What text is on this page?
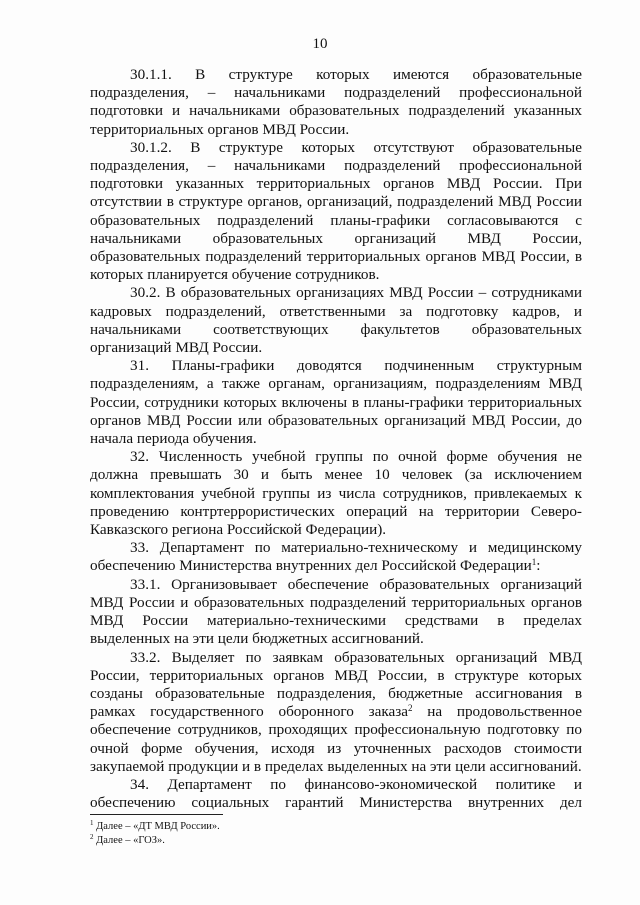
10

30.1.1. В структуре которых имеются образовательные подразделения, – начальниками подразделений профессиональной подготовки и начальниками образовательных подразделений указанных территориальных органов МВД России.

30.1.2. В структуре которых отсутствуют образовательные подразделения, – начальниками подразделений профессиональной подготовки указанных территориальных органов МВД России. При отсутствии в структуре органов, организаций, подразделений МВД России образовательных подразделений планы-графики согласовываются с начальниками образовательных организаций МВД России, образовательных подразделений территориальных органов МВД России, в которых планируется обучение сотрудников.

30.2. В образовательных организациях МВД России – сотрудниками кадровых подразделений, ответственными за подготовку кадров, и начальниками соответствующих факультетов образовательных организаций МВД России.

31. Планы-графики доводятся подчиненным структурным подразделениям, а также органам, организациям, подразделениям МВД России, сотрудники которых включены в планы-графики территориальных органов МВД России или образовательных организаций МВД России, до начала периода обучения.

32. Численность учебной группы по очной форме обучения не должна превышать 30 и быть менее 10 человек (за исключением комплектования учебной группы из числа сотрудников, привлекаемых к проведению контртеррористических операций на территории Северо-Кавказского региона Российской Федерации).

33. Департамент по материально-техническому и медицинскому обеспечению Министерства внутренних дел Российской Федерации$^1$:

33.1. Организовывает обеспечение образовательных организаций МВД России и образовательных подразделений территориальных органов МВД России материально-техническими средствами в пределах выделенных на эти цели бюджетных ассигнований.

33.2. Выделяет по заявкам образовательных организаций МВД России, территориальных органов МВД России, в структуре которых созданы образовательные подразделения, бюджетные ассигнования в рамках государственного оборонного заказа$^2$ на продовольственное обеспечение сотрудников, проходящих профессиональную подготовку по очной форме обучения, исходя из уточненных расходов стоимости закупаемой продукции и в пределах выделенных на эти цели ассигнований.

34. Департамент по финансово-экономической политике и обеспечению социальных гарантий Министерства внутренних дел

$^1$ Далее – «ДТ МВД России».
$^2$ Далее – «ГОЗ».
